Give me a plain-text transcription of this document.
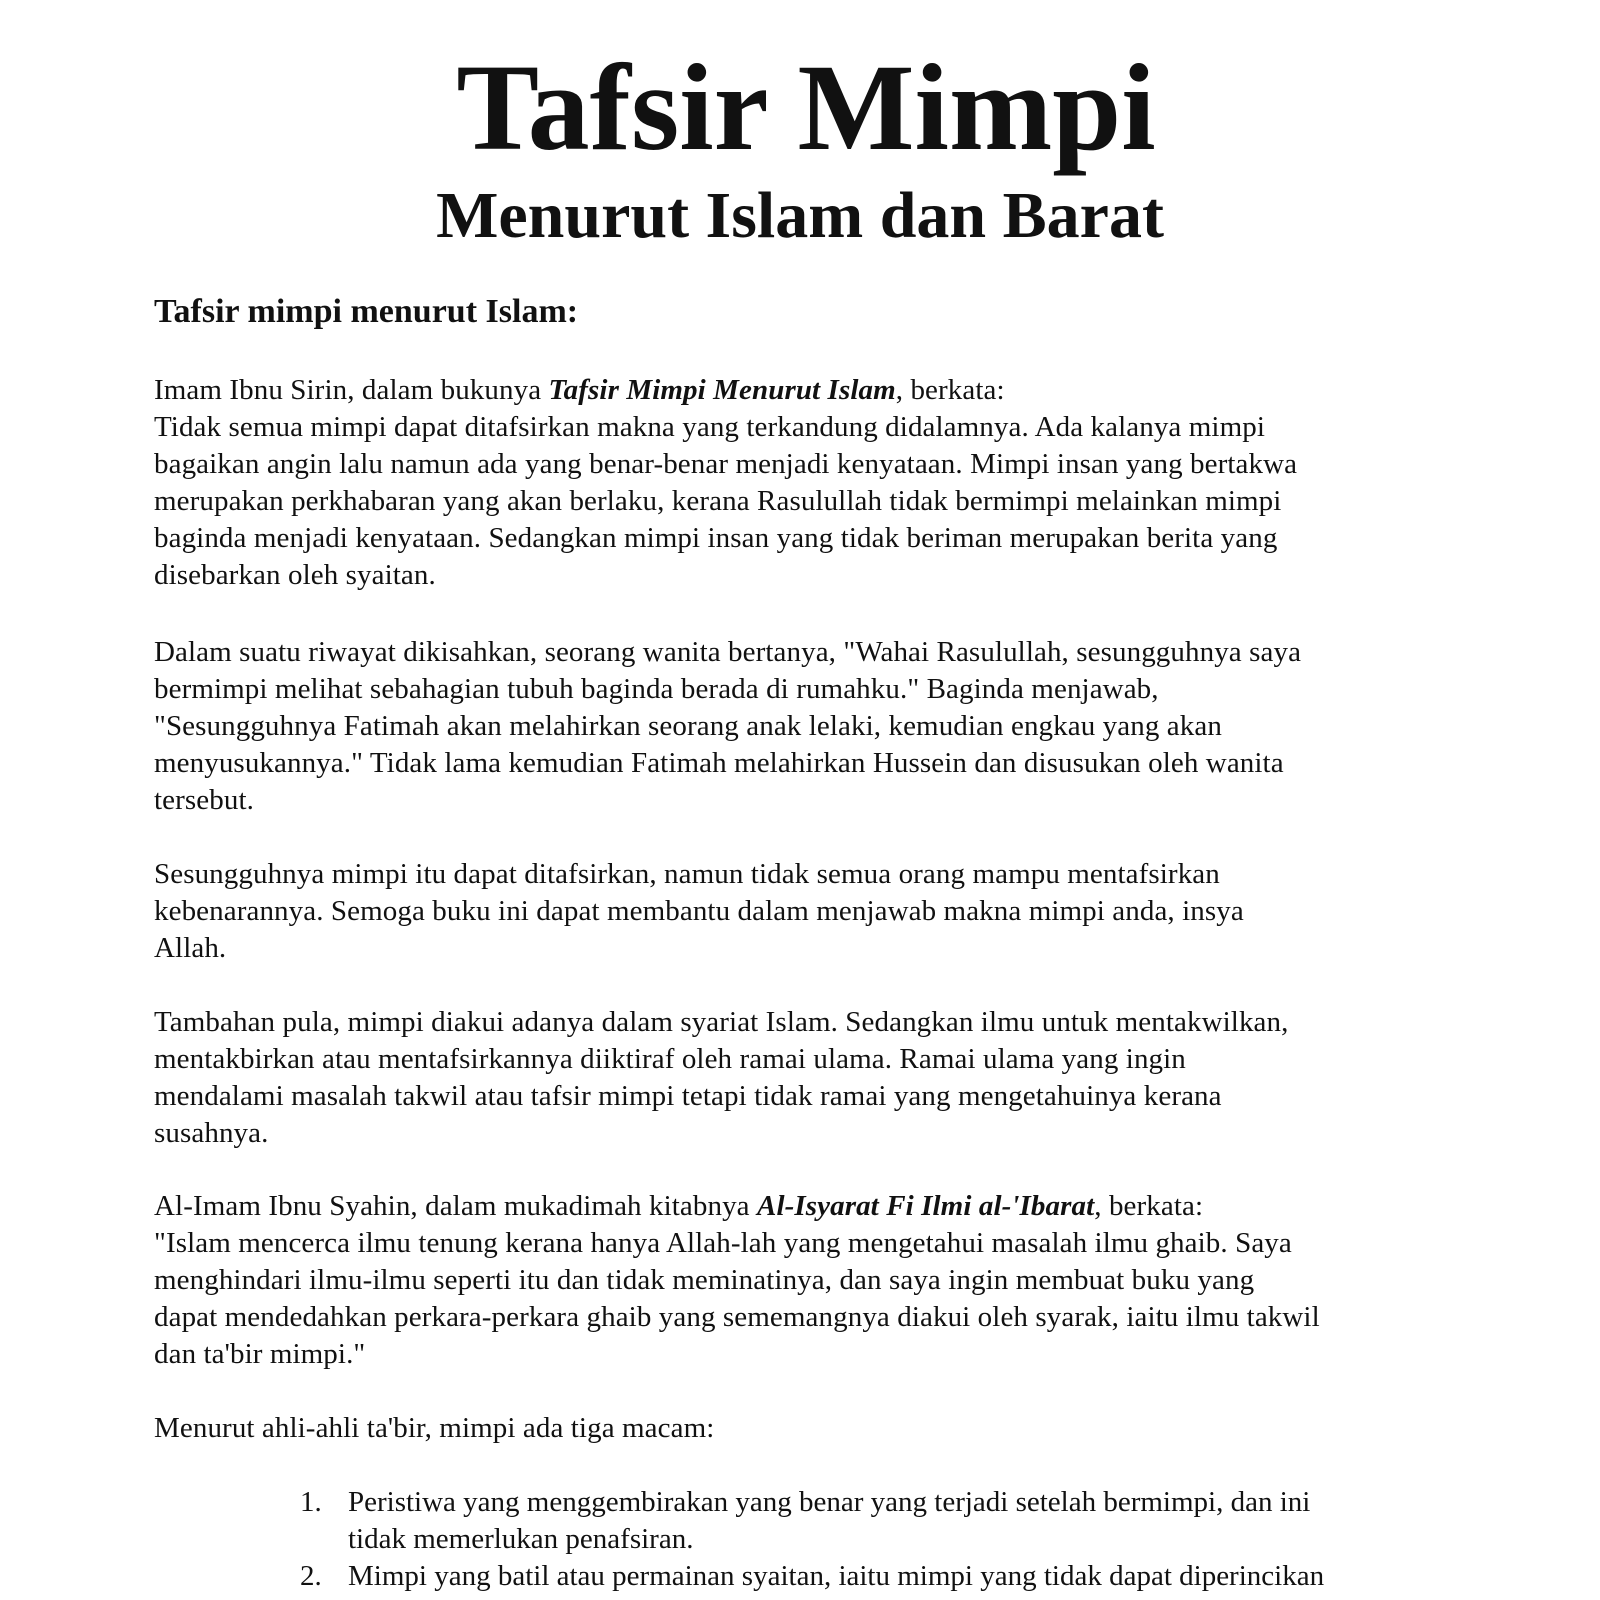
Tafsir Mimpi
Menurut Islam dan Barat
Tafsir mimpi menurut Islam:
Imam Ibnu Sirin, dalam bukunya Tafsir Mimpi Menurut Islam, berkata:
Tidak semua mimpi dapat ditafsirkan makna yang terkandung didalamnya. Ada kalanya mimpi
bagaikan angin lalu namun ada yang benar-benar menjadi kenyataan. Mimpi insan yang bertakwa
merupakan perkhabaran yang akan berlaku, kerana Rasulullah tidak bermimpi melainkan mimpi
baginda menjadi kenyataan. Sedangkan mimpi insan yang tidak beriman merupakan berita yang
disebarkan oleh syaitan.
Dalam suatu riwayat dikisahkan, seorang wanita bertanya, "Wahai Rasulullah, sesungguhnya saya
bermimpi melihat sebahagian tubuh baginda berada di rumahku." Baginda menjawab,
"Sesungguhnya Fatimah akan melahirkan seorang anak lelaki, kemudian engkau yang akan
menyusukannya." Tidak lama kemudian Fatimah melahirkan Hussein dan disusukan oleh wanita
tersebut.
Sesungguhnya mimpi itu dapat ditafsirkan, namun tidak semua orang mampu mentafsirkan
kebenarannya. Semoga buku ini dapat membantu dalam menjawab makna mimpi anda, insya
Allah.
Tambahan pula, mimpi diakui adanya dalam syariat Islam. Sedangkan ilmu untuk mentakwilkan,
mentakbirkan atau mentafsirkannya diiktiraf oleh ramai ulama. Ramai ulama yang ingin
mendalami masalah takwil atau tafsir mimpi tetapi tidak ramai yang mengetahuinya kerana
susahnya.
Al-Imam Ibnu Syahin, dalam mukadimah kitabnya Al-Isyarat Fi Ilmi al-'Ibarat, berkata:
"Islam mencerca ilmu tenung kerana hanya Allah-lah yang mengetahui masalah ilmu ghaib. Saya
menghindari ilmu-ilmu seperti itu dan tidak meminatinya, dan saya ingin membuat buku yang
dapat mendedahkan perkara-perkara ghaib yang sememangnya diakui oleh syarak, iaitu ilmu takwil
dan ta'bir mimpi."
Menurut ahli-ahli ta'bir, mimpi ada tiga macam:
1. Peristiwa yang menggembirakan yang benar yang terjadi setelah bermimpi, dan ini
tidak memerlukan penafsiran.
2. Mimpi yang batil atau permainan syaitan, iaitu mimpi yang tidak dapat diperincikan
